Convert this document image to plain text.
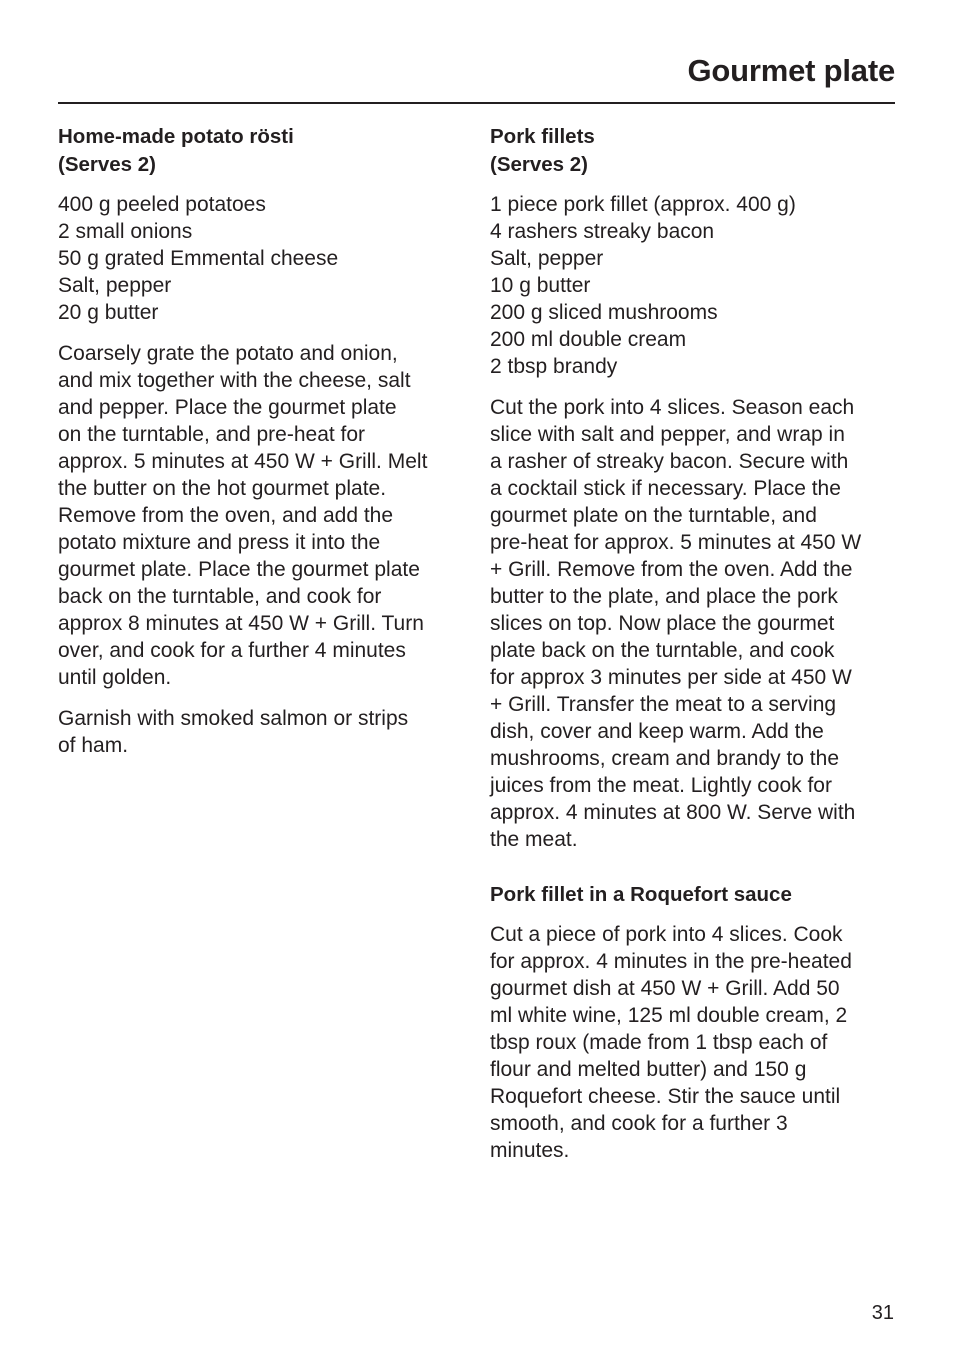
Gourmet plate
Home-made potato rösti
(Serves 2)
400 g peeled potatoes
2 small onions
50 g grated Emmental cheese
Salt, pepper
20 g butter
Coarsely grate the potato and onion,
and mix together with the cheese, salt
and pepper. Place the gourmet plate
on the turntable, and pre-heat for
approx. 5 minutes at 450 W + Grill. Melt
the butter on the hot gourmet plate.
Remove from the oven, and add the
potato mixture and press it into the
gourmet plate. Place the gourmet plate
back on the turntable, and cook for
approx 8 minutes at 450 W + Grill. Turn
over, and cook for a further 4 minutes
until golden.
Garnish with smoked salmon or strips
of ham.
Pork fillets
(Serves 2)
1 piece pork fillet (approx. 400 g)
4 rashers streaky bacon
Salt, pepper
10 g butter
200 g sliced mushrooms
200 ml double cream
2 tbsp brandy
Cut the pork into 4 slices. Season each
slice with salt and pepper, and wrap in
a rasher of streaky bacon. Secure with
a cocktail stick if necessary. Place the
gourmet plate on the turntable, and
pre-heat for approx. 5 minutes at 450 W
+ Grill. Remove from the oven. Add the
butter to the plate, and place the pork
slices on top. Now place the gourmet
plate back on the turntable, and cook
for approx 3 minutes per side at 450 W
+ Grill. Transfer the meat to a serving
dish, cover and keep warm. Add the
mushrooms, cream and brandy to the
juices from the meat. Lightly cook for
approx. 4 minutes at 800 W. Serve with
the meat.
Pork fillet in a Roquefort sauce
Cut a piece of pork into 4 slices. Cook
for approx. 4 minutes in the pre-heated
gourmet dish at 450 W + Grill. Add 50
ml white wine, 125 ml double cream, 2
tbsp roux (made from 1 tbsp each of
flour and melted butter) and 150 g
Roquefort cheese. Stir the sauce until
smooth, and cook for a further 3
minutes.
31
